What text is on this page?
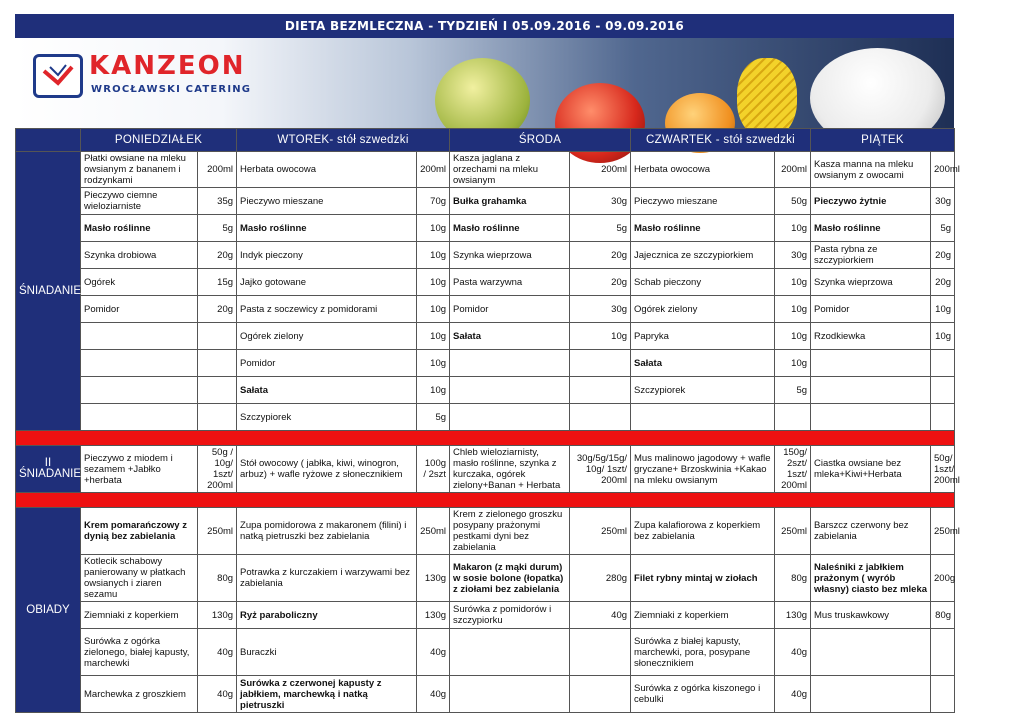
DIETA BEZMLECZNA - TYDZIEŃ I 05.09.2016 - 09.09.2016
KANZEON
WROCŁAWSKI CATERING
	PONIEDZIAŁEK		WTOREK- stół szwedzki		ŚRODA		CZWARTEK - stół szwedzki		PIĄTEK	
ŚNIADANIE	Płatki owsiane na mleku owsianym z bananem i rodzynkami	200ml	Herbata owocowa	200ml	Kasza jaglana z orzechami na mleku owsianym	200ml	Herbata owocowa	200ml	Kasza manna na mleku owsianym z owocami	200ml
	Pieczywo ciemne wieloziarniste	35g	Pieczywo mieszane	70g	Bułka grahamka	30g	Pieczywo mieszane	50g	Pieczywo żytnie	30g
	Masło roślinne	5g	Masło roślinne	10g	Masło roślinne	5g	Masło roślinne	10g	Masło roślinne	5g
	Szynka drobiowa	20g	Indyk pieczony	10g	Szynka wieprzowa	20g	Jajecznica ze szczypiorkiem	30g	Pasta rybna ze szczypiorkiem	20g
	Ogórek	15g	Jajko gotowane	10g	Pasta warzywna	20g	Schab pieczony	10g	Szynka wieprzowa	20g
	Pomidor	20g	Pasta z soczewicy z pomidorami	10g	Pomidor	30g	Ogórek zielony	10g	Pomidor	10g
			Ogórek zielony	10g	Sałata	10g	Papryka	10g	Rzodkiewka	10g
			Pomidor	10g			Sałata	10g		
			Sałata	10g			Szczypiorek	5g		
			Szczypiorek	5g						

II ŚNIADANIE	Pieczywo z miodem i sezamem +Jabłko +herbata	50g / 10g/ 1szt/ 200ml	Stół owocowy ( jabłka, kiwi, winogron, arbuz) + wafle ryżowe z słonecznikiem	100g / 2szt	Chleb wieloziarnisty, masło roślinne, szynka z kurczaka, ogórek zielony+Banan + Herbata	30g/5g/15g/ 10g/ 1szt/ 200ml	Mus malinowo jagodowy + wafle gryczane+ Brzoskwinia +Kakao na mleku owsianym	150g/ 2szt/ 1szt/ 200ml	Ciastka owsiane bez mleka+Kiwi+Herbata	50g/ 1szt/ 200ml

OBIADY	Krem pomarańczowy z dynią bez zabielania	250ml	Zupa pomidorowa z makaronem (filini) i natką pietruszki bez zabielania	250ml	Krem z zielonego groszku posypany prażonymi pestkami dyni bez zabielania	250ml	Zupa kalafiorowa z koperkiem bez zabielania	250ml	Barszcz czerwony bez zabielania	250ml
	Kotlecik schabowy panierowany w płatkach owsianych i ziaren sezamu	80g	Potrawka z kurczakiem i warzywami bez zabielania	130g	Makaron (z mąki durum) w sosie bolone (łopatka) z ziołami bez zabielania	280g	Filet rybny mintaj w ziołach	80g	Naleśniki z jabłkiem prażonym ( wyrób własny) ciasto bez mleka	200g
	Ziemniaki z koperkiem	130g	Ryż paraboliczny	130g	Surówka z pomidorów i szczypiorku	40g	Ziemniaki z koperkiem	130g	Mus truskawkowy	80g
	Surówka z ogórka zielonego, białej kapusty, marchewki	40g	Buraczki	40g			Surówka z białej kapusty, marchewki, pora, posypane słonecznikiem	40g		
	Marchewka z groszkiem	40g	Surówka z czerwonej kapusty z jabłkiem, marchewką i natką pietruszki	40g			Surówka z ogórka kiszonego i cebulki	40g		
